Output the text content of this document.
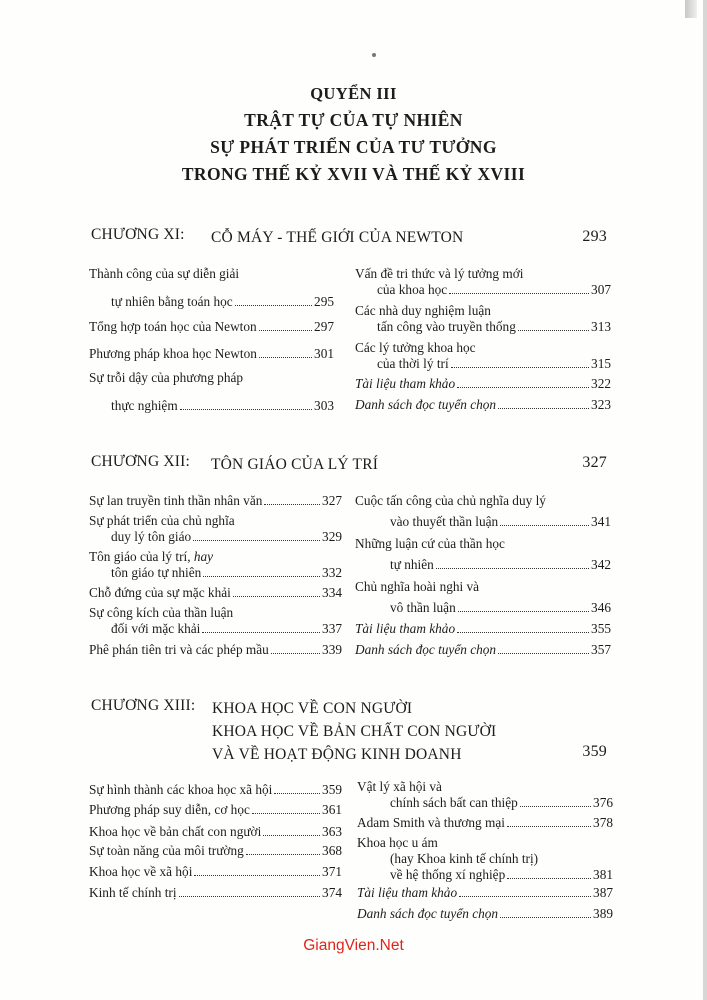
QUYỂN III
TRẬT TỰ CỦA TỰ NHIÊN
SỰ PHÁT TRIỂN CỦA TƯ TƯỞNG
TRONG THẾ KỶ XVII VÀ THẾ KỶ XVIII
CHƯƠNG XI: CỖ MÁY - THẾ GIỚI CỦA NEWTON	293
Thành công của sự diễn giải
tự nhiên bằng toán học	295
Tổng hợp toán học của Newton	297
Phương pháp khoa học Newton	301
Sự trỗi dậy của phương pháp
thực nghiệm	303
Vấn đề tri thức và lý tưởng mới
của khoa học	307
Các nhà duy nghiệm luận
tấn công vào truyền thống	313
Các lý tưởng khoa học
của thời lý trí	315
Tài liệu tham khảo	322
Danh sách đọc tuyển chọn	323
CHƯƠNG XII: TÔN GIÁO CỦA LÝ TRÍ	327
Sự lan truyền tinh thần nhân văn	327
Sự phát triển của chủ nghĩa
duy lý tôn giáo	329
Tôn giáo của lý trí, hay
tôn giáo tự nhiên	332
Chỗ đứng của sự mặc khải	334
Sự công kích của thần luận
đối với mặc khải	337
Phê phán tiên tri và các phép mầu	339
Cuộc tấn công của chủ nghĩa duy lý
vào thuyết thần luận	341
Những luận cứ của thần học
tự nhiên	342
Chủ nghĩa hoài nghi và
vô thần luận	346
Tài liệu tham khảo	355
Danh sách đọc tuyển chọn	357
CHƯƠNG XIII: KHOA HỌC VỀ CON NGƯỜI
KHOA HỌC VỀ BẢN CHẤT CON NGƯỜI
VÀ VỀ HOẠT ĐỘNG KINH DOANH	359
Sự hình thành các khoa học xã hội	359
Phương pháp suy diễn, cơ học	361
Khoa học về bản chất con người	363
Sự toàn năng của môi trường	368
Khoa học về xã hội	371
Kinh tế chính trị	374
Vật lý xã hội và
chính sách bất can thiệp	376
Adam Smith và thương mại	378
Khoa học u ám
(hay Khoa kinh tế chính trị)
về hệ thống xí nghiệp	381
Tài liệu tham khảo	387
Danh sách đọc tuyển chọn	389
GiangVien.Net
